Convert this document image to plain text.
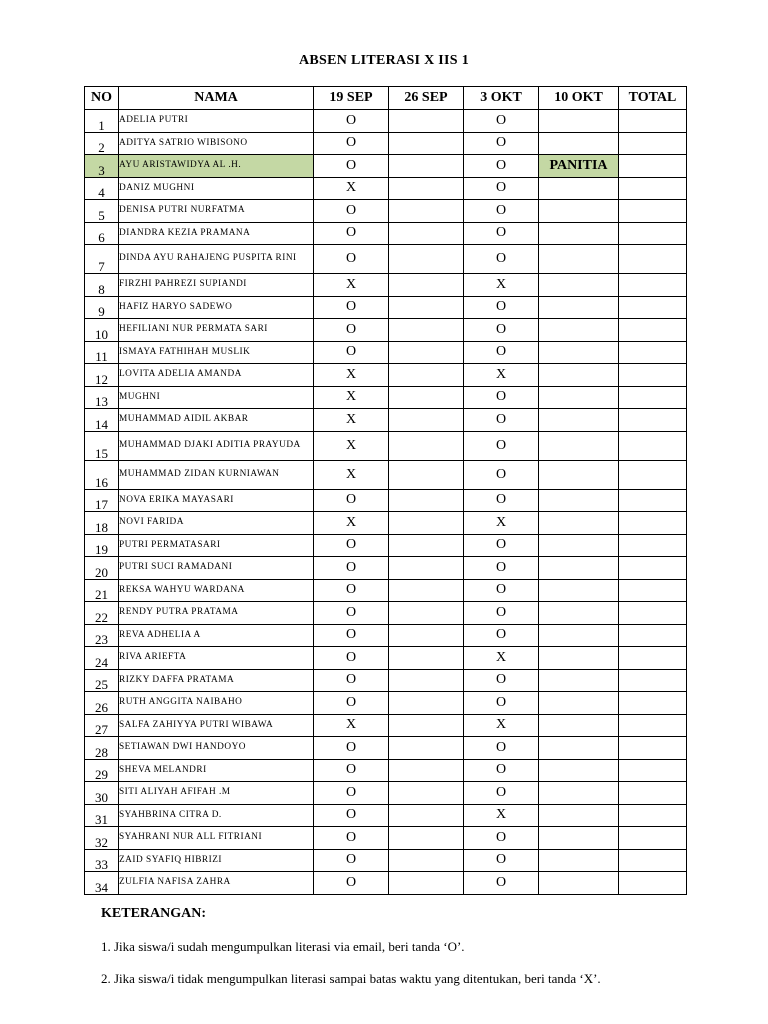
ABSEN LITERASI X IIS 1
NO	NAMA	19 SEP	26 SEP	3 OKT	10 OKT	TOTAL
1	ADELIA PUTRI	O		O		
2	ADITYA SATRIO WIBISONO	O		O		
3	AYU ARISTAWIDYA AL .H.	O		O	PANITIA	
4	DANIZ MUGHNI	X		O		
5	DENISA PUTRI NURFATMA	O		O		
6	DIANDRA KEZIA PRAMANA	O		O		
7	DINDA AYU RAHAJENG PUSPITA RINI	O		O		
8	FIRZHI PAHREZI SUPIANDI	X		X		
9	HAFIZ HARYO SADEWO	O		O		
10	HEFILIANI NUR PERMATA SARI	O		O		
11	ISMAYA FATHIHAH MUSLIK	O		O		
12	LOVITA ADELIA AMANDA	X		X		
13	MUGHNI	X		O		
14	MUHAMMAD AIDIL AKBAR	X		O		
15	MUHAMMAD DJAKI ADITIA PRAYUDA	X		O		
16	MUHAMMAD ZIDAN KURNIAWAN	X		O		
17	NOVA ERIKA MAYASARI	O		O		
18	NOVI FARIDA	X		X		
19	PUTRI PERMATASARI	O		O		
20	PUTRI SUCI RAMADANI	O		O		
21	REKSA WAHYU WARDANA	O		O		
22	RENDY PUTRA PRATAMA	O		O		
23	REVA ADHELIA A	O		O		
24	RIVA ARIEFTA	O		X		
25	RIZKY DAFFA PRATAMA	O		O		
26	RUTH ANGGITA NAIBAHO	O		O		
27	SALFA ZAHIYYA PUTRI WIBAWA	X		X		
28	SETIAWAN DWI HANDOYO	O		O		
29	SHEVA MELANDRI	O		O		
30	SITI ALIYAH AFIFAH .M	O		O		
31	SYAHBRINA CITRA D.	O		X		
32	SYAHRANI NUR ALL FITRIANI	O		O		
33	ZAID SYAFIQ HIBRIZI	O		O		
34	ZULFIA NAFISA ZAHRA	O		O		
KETERANGAN:
1. Jika siswa/i sudah mengumpulkan literasi via email, beri tanda ‘O’.
2. Jika siswa/i tidak mengumpulkan literasi sampai batas waktu yang ditentukan, beri tanda ‘X’.
